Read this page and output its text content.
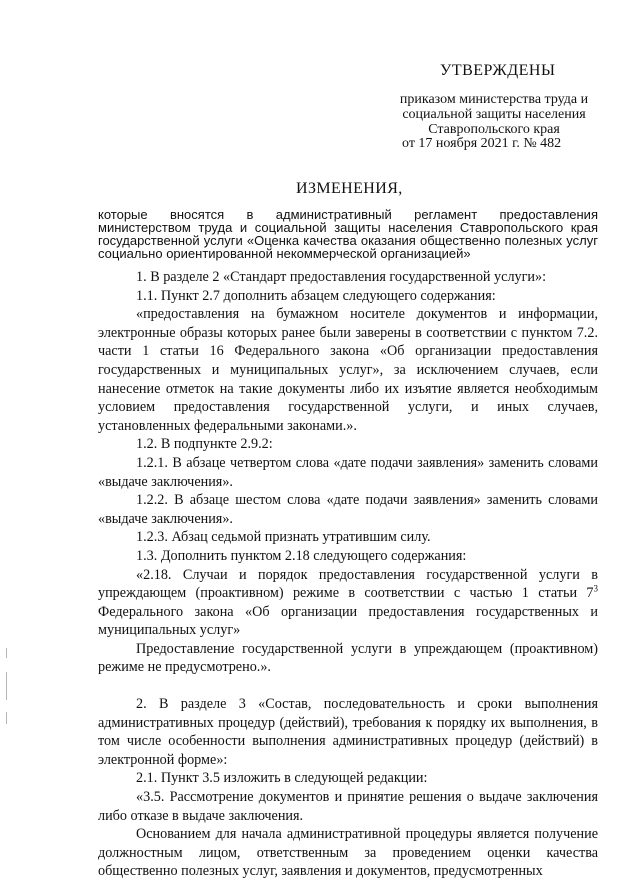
УТВЕРЖДЕНЫ
приказом министерства труда и
социальной защиты населения
Ставропольского края
от 17 ноября 2021 г. № 482
ИЗМЕНЕНИЯ,
которые вносятся в административный регламент предоставления министерством труда и социальной защиты населения Ставропольского края государственной услуги «Оценка качества оказания общественно полезных услуг социально ориентированной некоммерческой организацией»

1. В разделе 2 «Стандарт предоставления государственной услуги»:

1.1. Пункт 2.7 дополнить абзацем следующего содержания:

«предоставления на бумажном носителе документов и информации, электронные образы которых ранее были заверены в соответствии с пунктом 7.2. части 1 статьи 16 Федерального закона «Об организации предоставления государственных и муниципальных услуг», за исключением случаев, если нанесение отметок на такие документы либо их изъятие является необходимым условием предоставления государственной услуги, и иных случаев, установленных федеральными законами.».

1.2. В подпункте 2.9.2:

1.2.1. В абзаце четвертом слова «дате подачи заявления» заменить словами «выдаче заключения».

1.2.2. В абзаце шестом слова «дате подачи заявления» заменить словами «выдаче заключения».

1.2.3. Абзац седьмой признать утратившим силу.

1.3. Дополнить пунктом 2.18 следующего содержания:

«2.18. Случаи и порядок предоставления государственной услуги в упреждающем (проактивном) режиме в соответствии с частью 1 статьи $7^3$ Федерального закона «Об организации предоставления государственных и муниципальных услуг»

Предоставление государственной услуги в упреждающем (проактивном) режиме не предусмотрено.».

2. В разделе 3 «Состав, последовательность и сроки выполнения административных процедур (действий), требования к порядку их выполнения, в том числе особенности выполнения административных процедур (действий) в электронной форме»:

2.1. Пункт 3.5 изложить в следующей редакции:

«3.5. Рассмотрение документов и принятие решения о выдаче заключения либо отказе в выдаче заключения.

Основанием для начала административной процедуры является получение должностным лицом, ответственным за проведением оценки качества общественно полезных услуг, заявления и документов, предусмотренных
